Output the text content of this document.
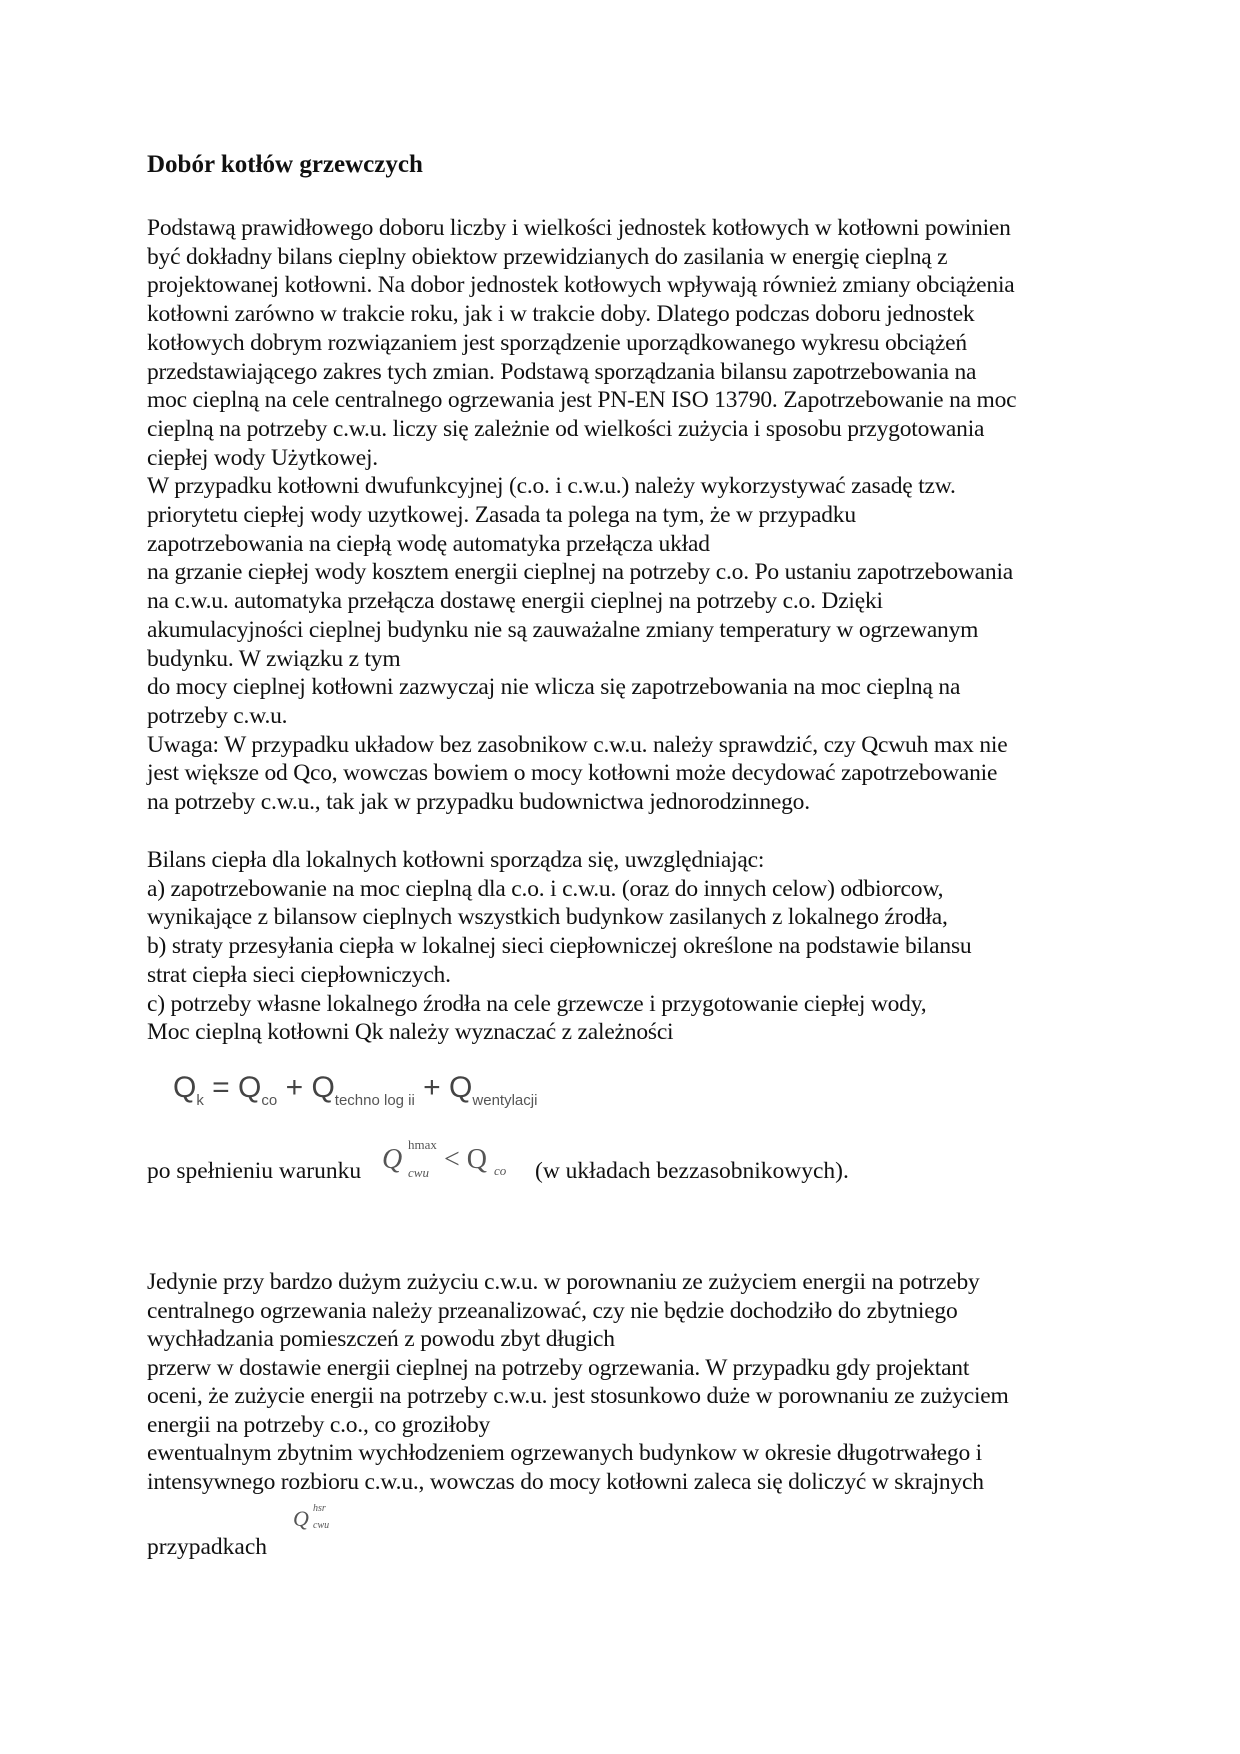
Dobór kotłów grzewczych
Podstawą prawidłowego doboru liczby i wielkości jednostek kotłowych w kotłowni powinien
być dokładny bilans cieplny obiektow przewidzianych do zasilania w energię cieplną z
projektowanej kotłowni. Na dobor jednostek kotłowych wpływają również zmiany obciążenia
kotłowni zarówno w trakcie roku, jak i w trakcie doby. Dlatego podczas doboru jednostek
kotłowych dobrym rozwiązaniem jest sporządzenie uporządkowanego wykresu obciążeń
przedstawiającego zakres tych zmian. Podstawą sporządzania bilansu zapotrzebowania na
moc cieplną na cele centralnego ogrzewania jest PN-EN ISO 13790. Zapotrzebowanie na moc
cieplną na potrzeby c.w.u. liczy się zależnie od wielkości zużycia i sposobu przygotowania
ciepłej wody Użytkowej.
W przypadku kotłowni dwufunkcyjnej (c.o. i c.w.u.) należy wykorzystywać zasadę tzw.
priorytetu ciepłej wody uzytkowej. Zasada ta polega na tym, że w przypadku
zapotrzebowania na ciepłą wodę automatyka przełącza układ
na grzanie ciepłej wody kosztem energii cieplnej na potrzeby c.o. Po ustaniu zapotrzebowania
na c.w.u. automatyka przełącza dostawę energii cieplnej na potrzeby c.o. Dzięki
akumulacyjności cieplnej budynku nie są zauważalne zmiany temperatury w ogrzewanym
budynku. W związku z tym
do mocy cieplnej kotłowni zazwyczaj nie wlicza się zapotrzebowania na moc cieplną na
potrzeby c.w.u.
Uwaga: W przypadku układow bez zasobnikow c.w.u. należy sprawdzić, czy Qcwuh max nie
jest większe od Qco, wowczas bowiem o mocy kotłowni może decydować zapotrzebowanie
na potrzeby c.w.u., tak jak w przypadku budownictwa jednorodzinnego.
Bilans ciepła dla lokalnych kotłowni sporządza się, uwzględniając:
a) zapotrzebowanie na moc cieplną dla c.o. i c.w.u. (oraz do innych celow) odbiorcow,
wynikające z bilansow cieplnych wszystkich budynkow zasilanych z lokalnego źrodła,
b) straty przesyłania ciepła w lokalnej sieci ciepłowniczej określone na podstawie bilansu
strat ciepła sieci ciepłowniczych.
c) potrzeby własne lokalnego źrodła na cele grzewcze i przygotowanie ciepłej wody,
Moc cieplną kotłowni Qk należy wyznaczać z zależności
$Q_k = Q_{co} + Q_{techno log ii} + Q_{wentylacji}$
po spełnieniu warunku Q hmax
cwu < Q co (w układach bezzasobnikowych).
Jedynie przy bardzo dużym zużyciu c.w.u. w porownaniu ze zużyciem energii na potrzeby
centralnego ogrzewania należy przeanalizować, czy nie będzie dochodziło do zbytniego
wychładzania pomieszczeń z powodu zbyt długich
przerw w dostawie energii cieplnej na potrzeby ogrzewania. W przypadku gdy projektant
oceni, że zużycie energii na potrzeby c.w.u. jest stosunkowo duże w porownaniu ze zużyciem
energii na potrzeby c.o., co groziłoby
ewentualnym zbytnim wychłodzeniem ogrzewanych budynkow w okresie długotrwałego i
intensywnego rozbioru c.w.u., wowczas do mocy kotłowni zaleca się doliczyć w skrajnych
Q hsr
cwu
przypadkach
